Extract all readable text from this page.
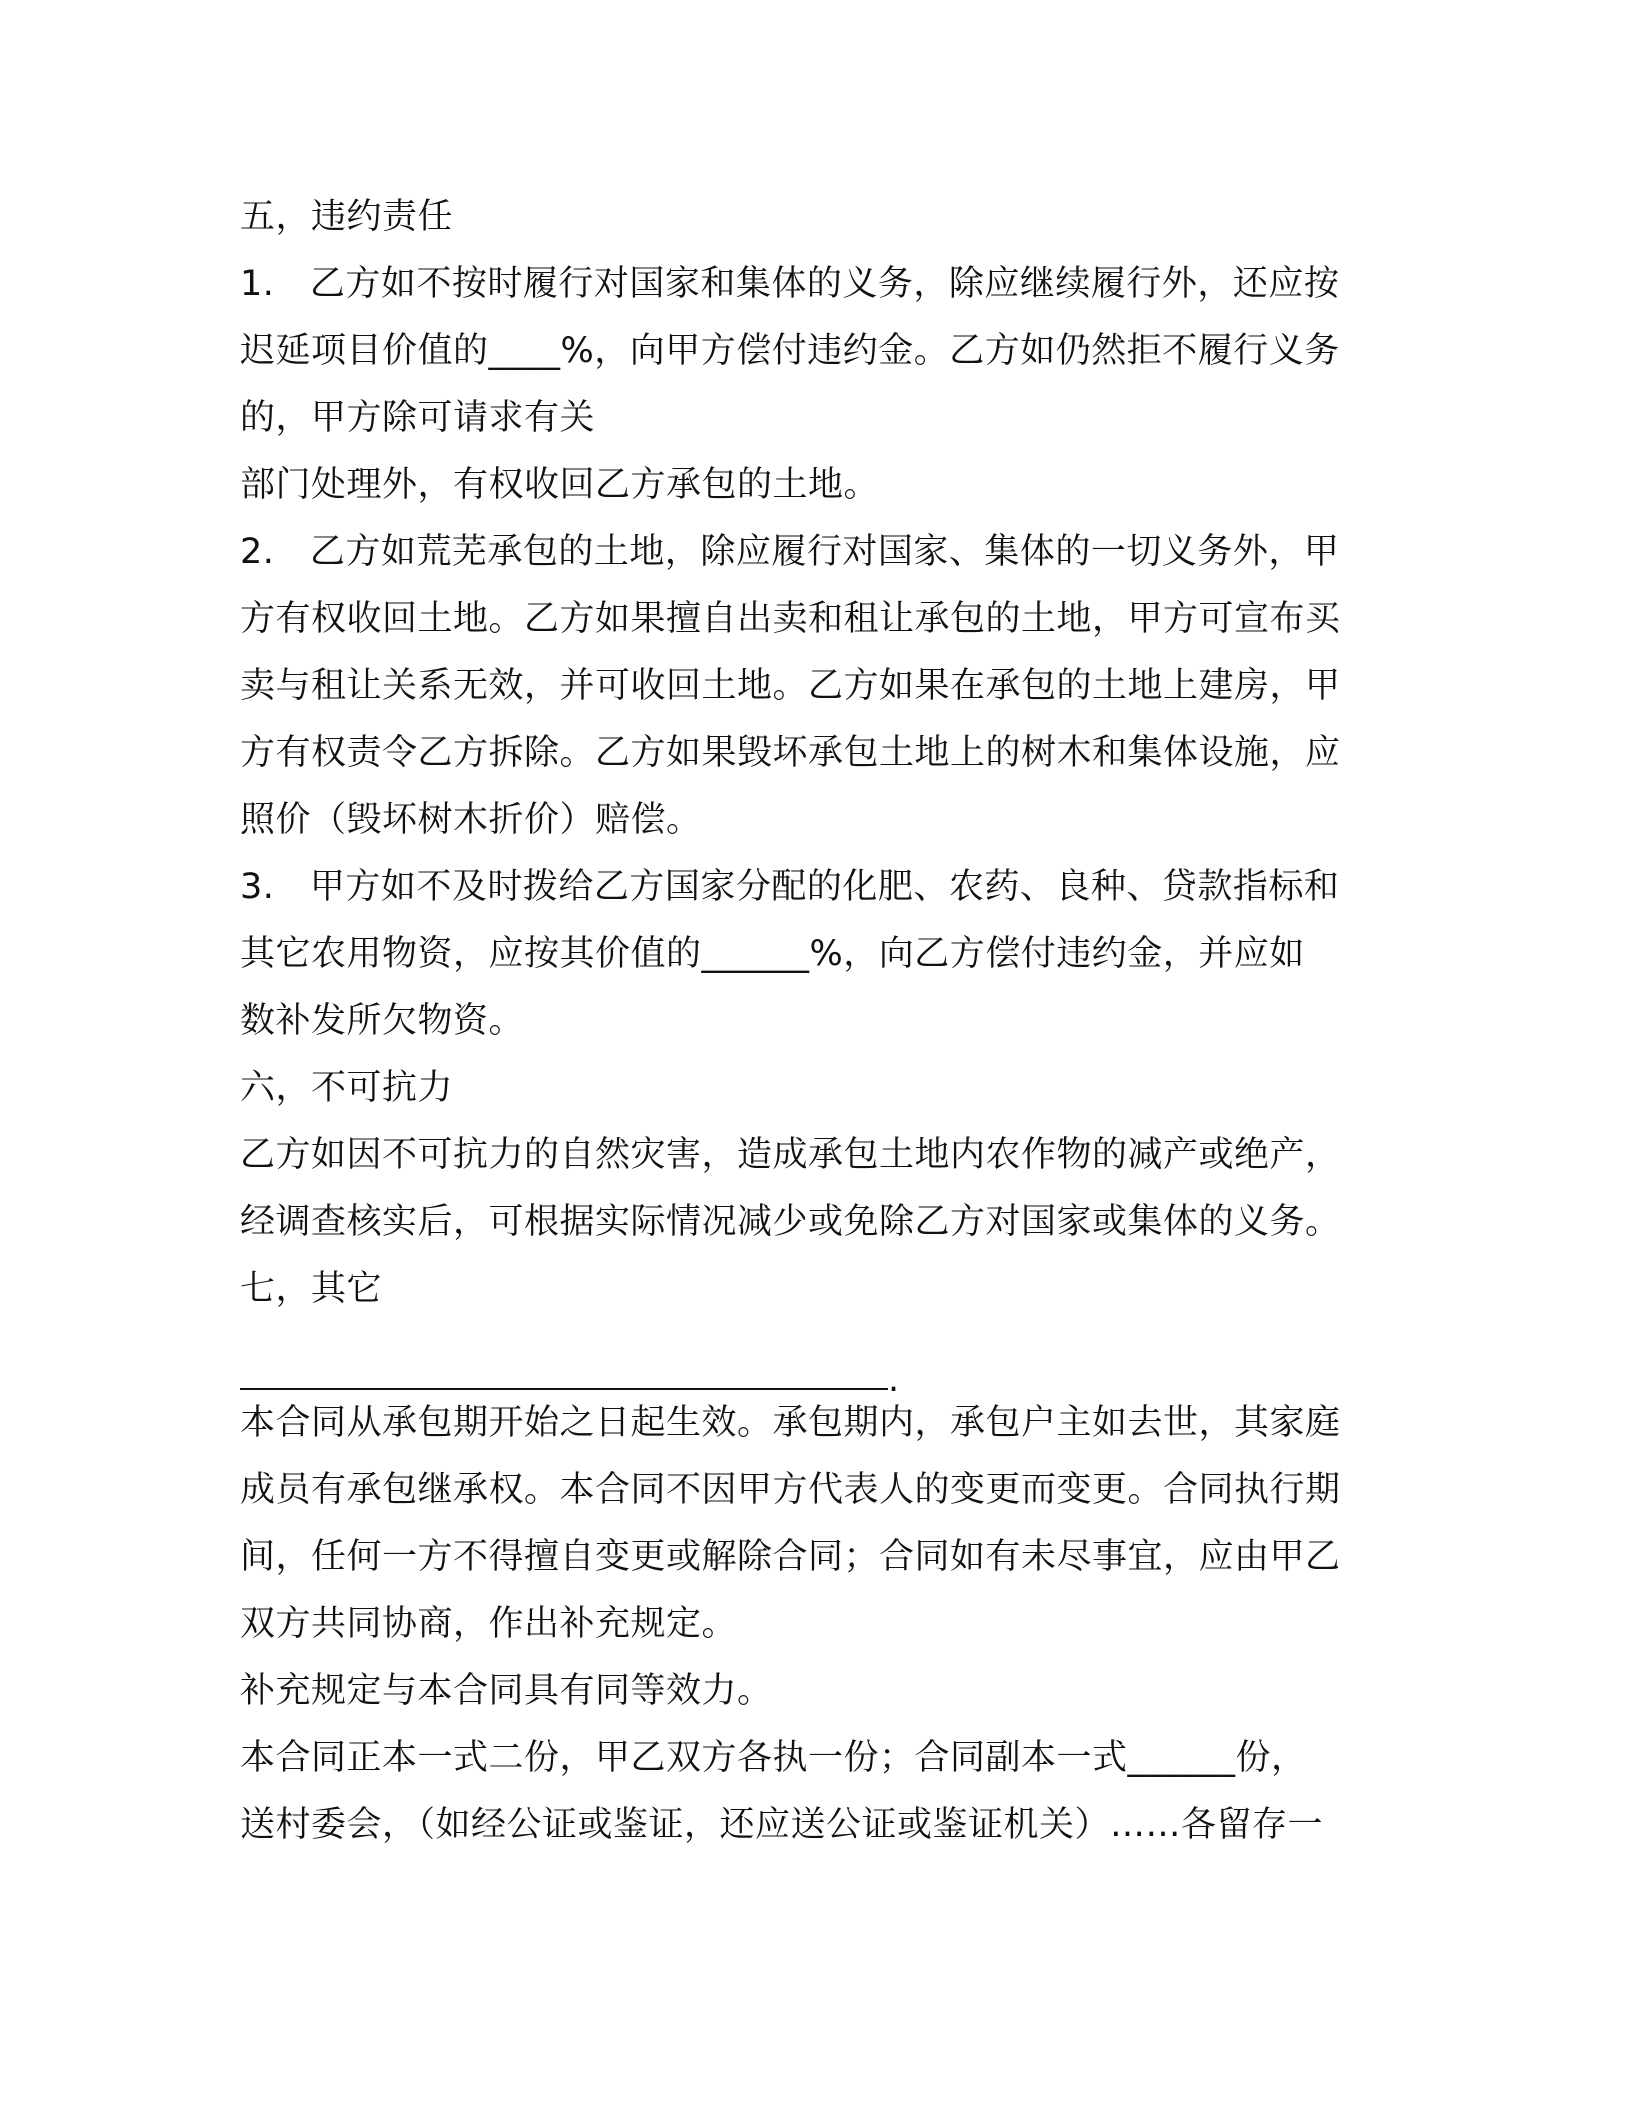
五，违约责任
1.　乙方如不按时履行对国家和集体的义务，除应继续履行外，还应按
迟延项目价值的____%，向甲方偿付违约金。乙方如仍然拒不履行义务
的，甲方除可请求有关
部门处理外，有权收回乙方承包的土地。
2.　乙方如荒芜承包的土地，除应履行对国家、集体的一切义务外，甲
方有权收回土地。乙方如果擅自出卖和租让承包的土地，甲方可宣布买
卖与租让关系无效，并可收回土地。乙方如果在承包的土地上建房，甲
方有权责令乙方拆除。乙方如果毁坏承包土地上的树木和集体设施，应
照价（毁坏树木折价）赔偿。
3.　甲方如不及时拨给乙方国家分配的化肥、农药、良种、贷款指标和
其它农用物资，应按其价值的______%，向乙方偿付违约金，并应如
数补发所欠物资。
六，不可抗力
乙方如因不可抗力的自然灾害，造成承包土地内农作物的减产或绝产，
经调查核实后，可根据实际情况减少或免除乙方对国家或集体的义务。
七，其它
.
本合同从承包期开始之日起生效。承包期内，承包户主如去世，其家庭
成员有承包继承权。本合同不因甲方代表人的变更而变更。合同执行期
间，任何一方不得擅自变更或解除合同；合同如有未尽事宜，应由甲乙
双方共同协商，作出补充规定。
补充规定与本合同具有同等效力。
本合同正本一式二份，甲乙双方各执一份；合同副本一式______份，
送村委会，（如经公证或鉴证，还应送公证或鉴证机关）……各留存一
